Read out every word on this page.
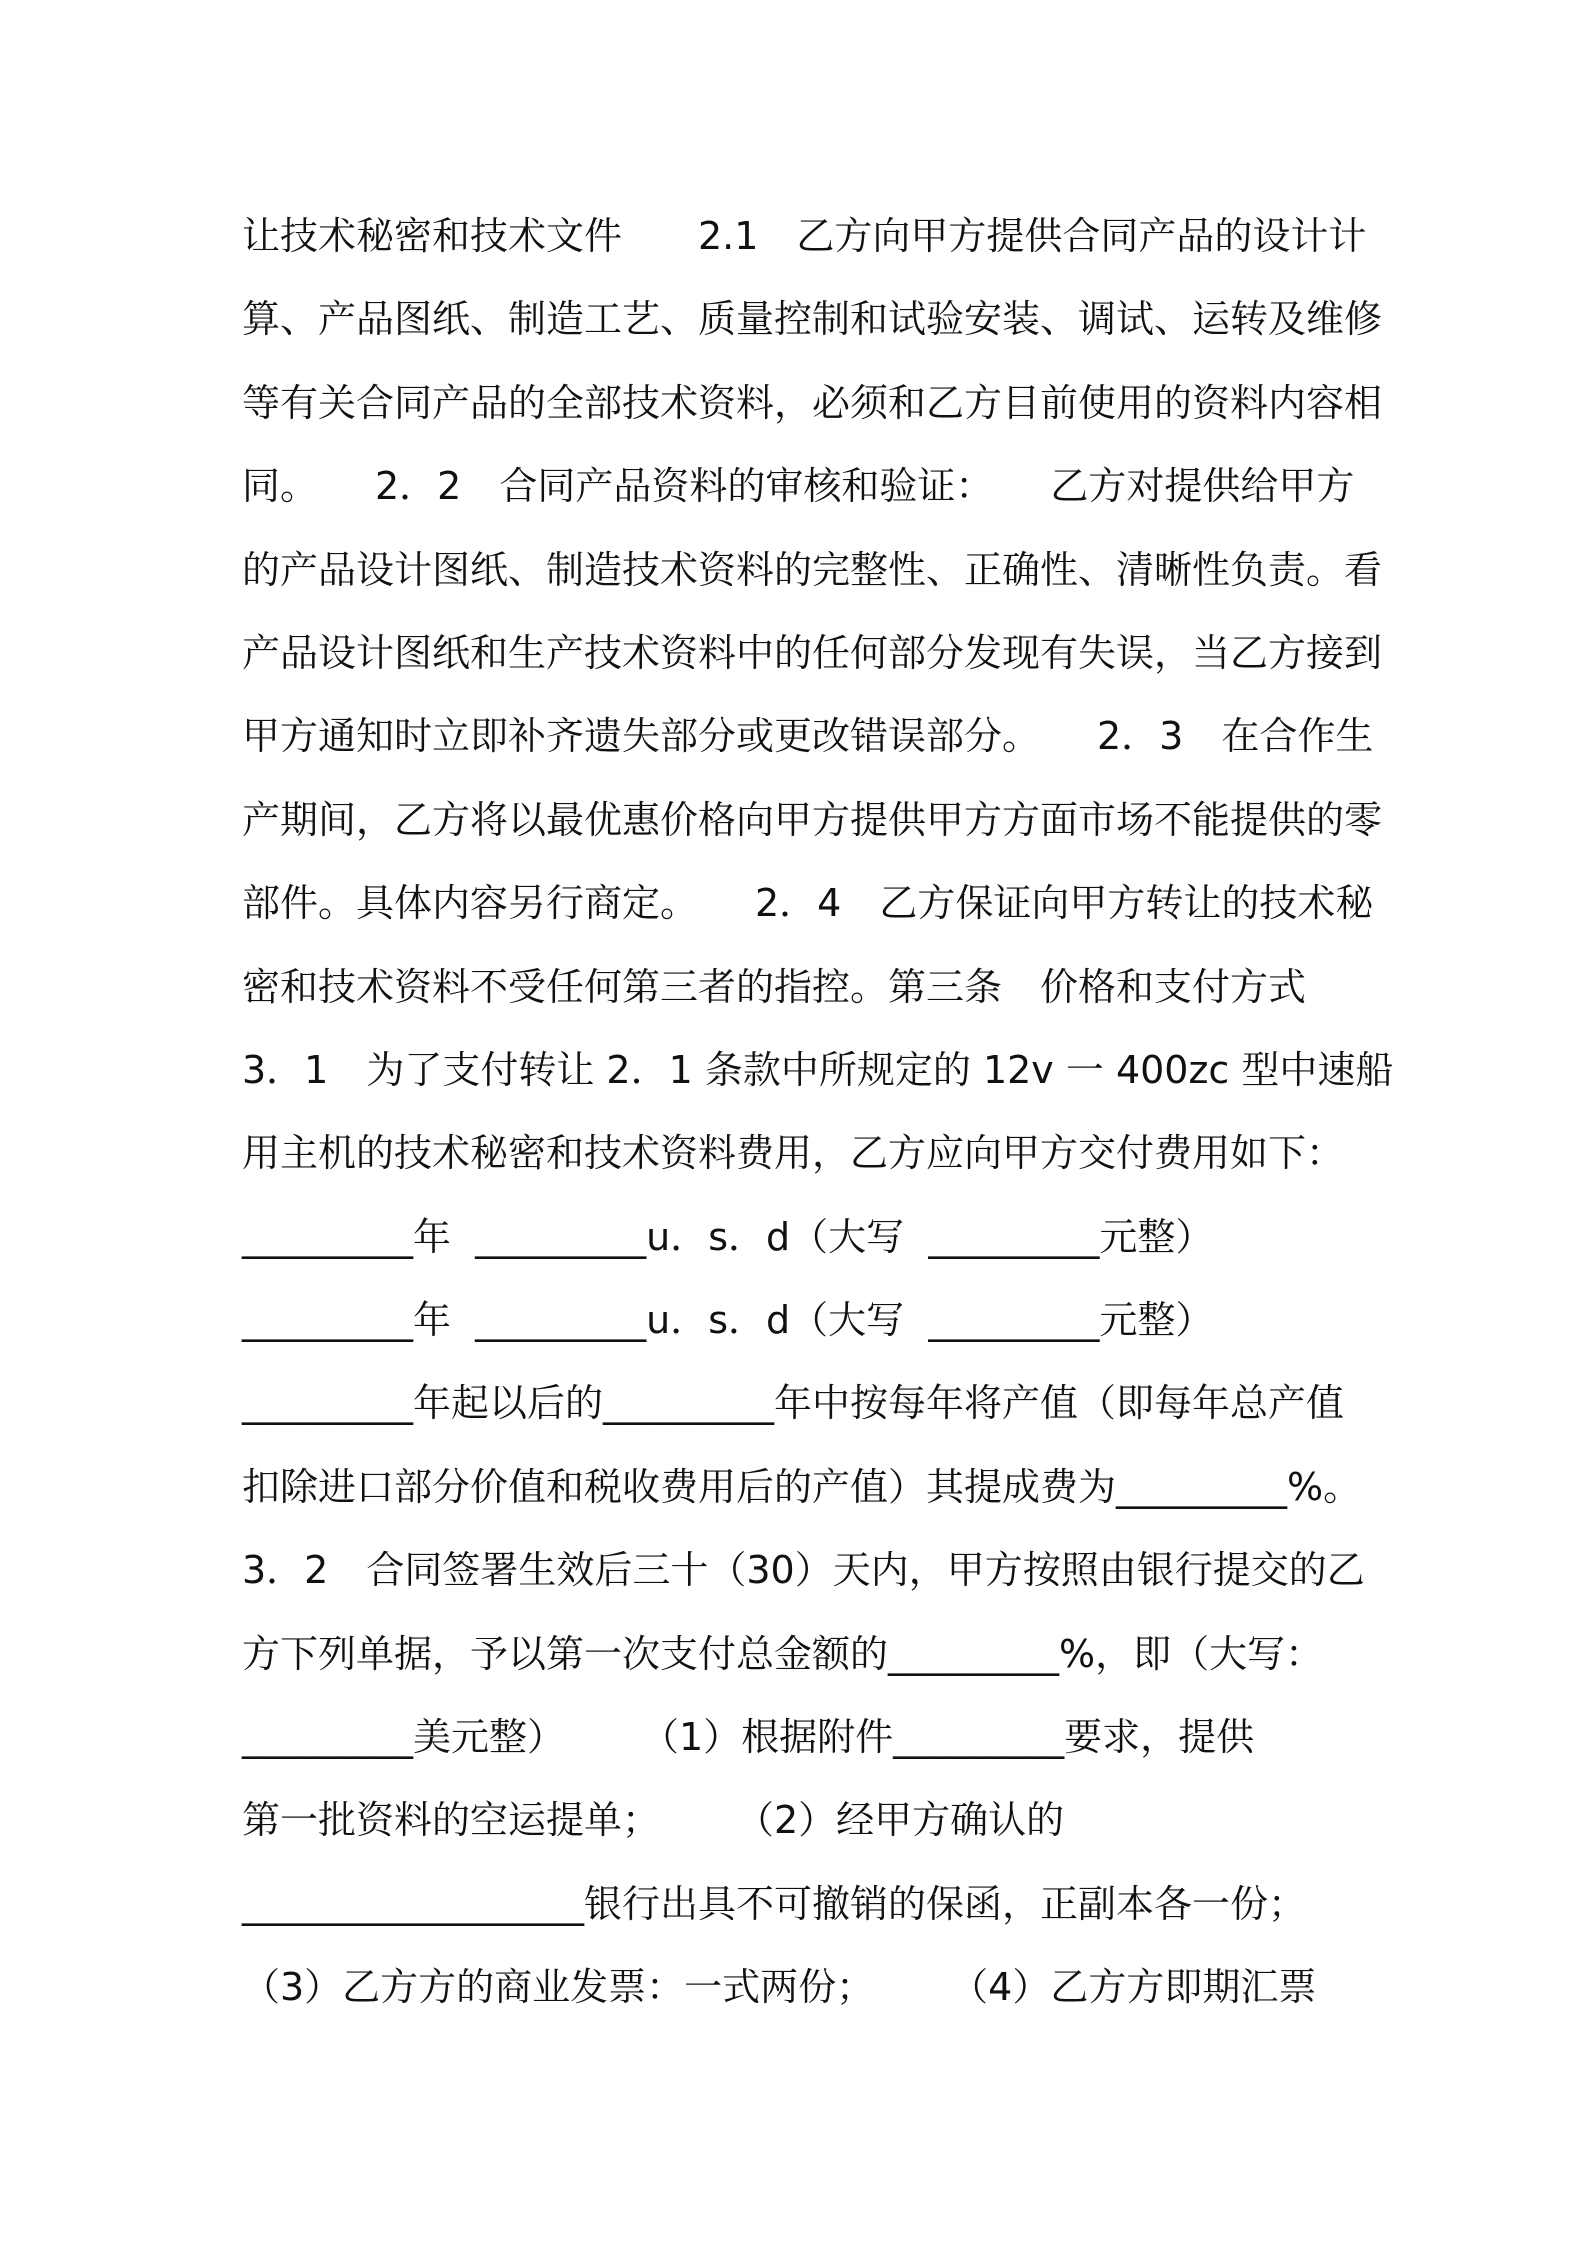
让技术秘密和技术文件　　2.1　乙方向甲方提供合同产品的设计计
算、产品图纸、制造工艺、质量控制和试验安装、调试、运转及维修
等有关合同产品的全部技术资料，必须和乙方目前使用的资料内容相
同。　　2．2　合同产品资料的审核和验证：　　乙方对提供给甲方
的产品设计图纸、制造技术资料的完整性、正确性、清晰性负责。看
产品设计图纸和生产技术资料中的任何部分发现有失误，当乙方接到
甲方通知时立即补齐遗失部分或更改错误部分。　　2．3　在合作生
产期间，乙方将以最优惠价格向甲方提供甲方方面市场不能提供的零
部件。具体内容另行商定。　　2．4　乙方保证向甲方转让的技术秘
密和技术资料不受任何第三者的指控。第三条　价格和支付方式
3．1　为了支付转让 2．1 条款中所规定的 12v 一 400zc 型中速船
用主机的技术秘密和技术资料费用，乙方应向甲方交付费用如下：
_________年  _________u．s．d（大写  _________元整）
_________年  _________u．s．d（大写  _________元整）
_________年起以后的_________年中按每年将产值（即每年总产值
扣除进口部分价值和税收费用后的产值）其提成费为_________%。
3．2　合同签署生效后三十（30）天内，甲方按照由银行提交的乙
方下列单据，予以第一次支付总金额的_________%，即（大写：
_________美元整）　　　（1）根据附件_________要求，提供
第一批资料的空运提单；　　　（2）经甲方确认的
__________________银行出具不可撤销的保函，正副本各一份；
（3）乙方方的商业发票：一式两份；　　　（4）乙方方即期汇票
